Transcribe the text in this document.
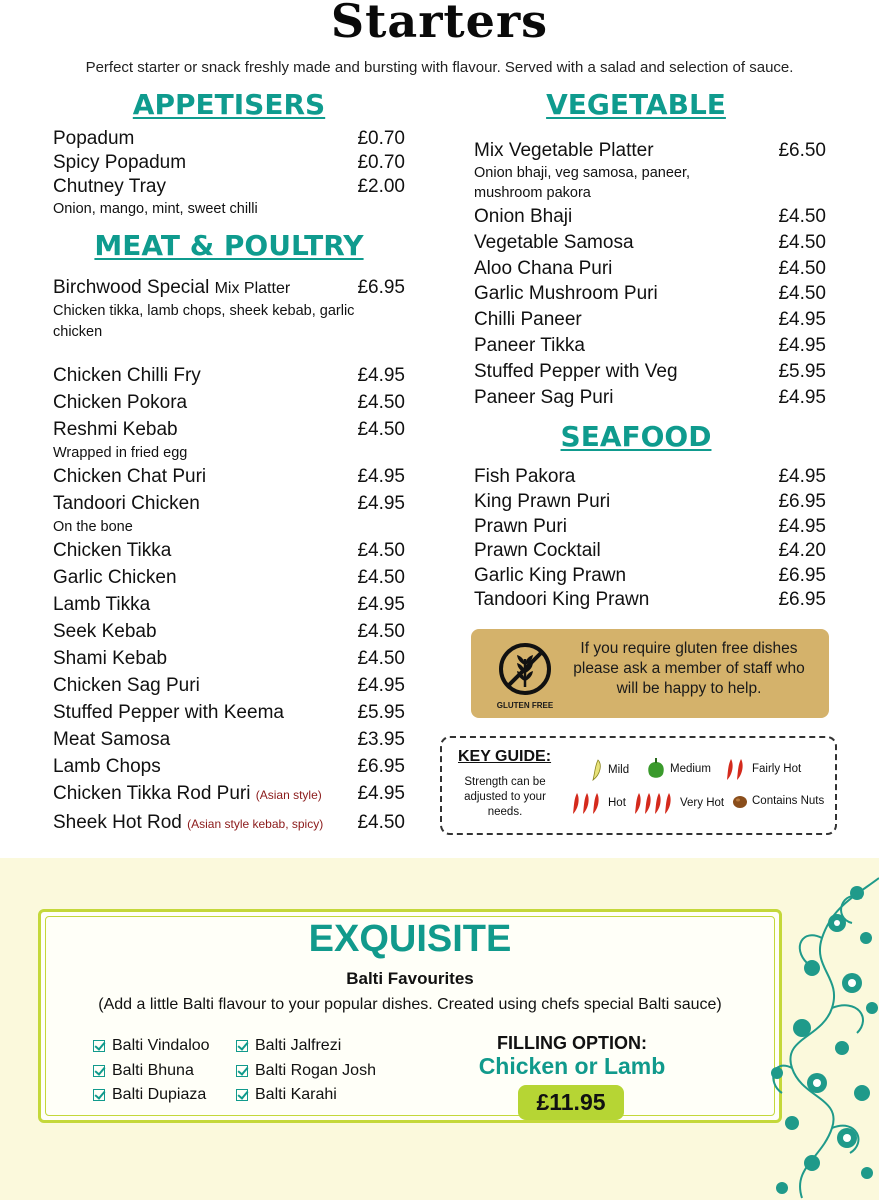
Starters
Perfect starter or snack freshly made and bursting with flavour. Served with a salad and selection of sauce.
APPETISERS
Popadum	£0.70
Spicy Popadum	£0.70
Chutney Tray	£2.00
Onion, mango, mint, sweet chilli
MEAT & POULTRY
Birchwood Special Mix Platter	£6.95
Chicken tikka, lamb chops, sheek kebab, garlic chicken
Chicken Chilli Fry	£4.95
Chicken Pokora	£4.50
Reshmi Kebab	£4.50
Wrapped in fried egg
Chicken Chat Puri	£4.95
Tandoori Chicken	£4.95
On the bone
Chicken Tikka	£4.50
Garlic Chicken	£4.50
Lamb Tikka	£4.95
Seek Kebab	£4.50
Shami Kebab	£4.50
Chicken Sag Puri	£4.95
Stuffed Pepper with Keema	£5.95
Meat Samosa	£3.95
Lamb Chops	£6.95
Chicken Tikka Rod Puri (Asian style) £4.95
Sheek Hot Rod (Asian style kebab, spicy) £4.50
VEGETABLE
Mix Vegetable Platter	£6.50
Onion bhaji, veg samosa, paneer, mushroom pakora
Onion Bhaji	£4.50
Vegetable Samosa	£4.50
Aloo Chana Puri	£4.50
Garlic Mushroom Puri	£4.50
Chilli Paneer	£4.95
Paneer Tikka	£4.95
Stuffed Pepper with Veg	£5.95
Paneer Sag Puri	£4.95
SEAFOOD
Fish Pakora	£4.95
King Prawn Puri	£6.95
Prawn Puri	£4.95
Prawn Cocktail	£4.20
Garlic King Prawn	£6.95
Tandoori King Prawn	£6.95
GLUTEN FREE
If you require gluten free dishes please ask a member of staff who will be happy to help.
KEY GUIDE:
Strength can be adjusted to your needs.
Mild	Medium	Fairly Hot
Hot	Very Hot Contains Nuts
EXQUISITE
Balti Favourites
(Add a little Balti flavour to your popular dishes. Created using chefs special Balti sauce)
Balti Vindaloo
Balti Bhuna
Balti Dupiaza
Balti Jalfrezi
Balti Rogan Josh
Balti Karahi
FILLING OPTION:
Chicken or Lamb
£11.95
